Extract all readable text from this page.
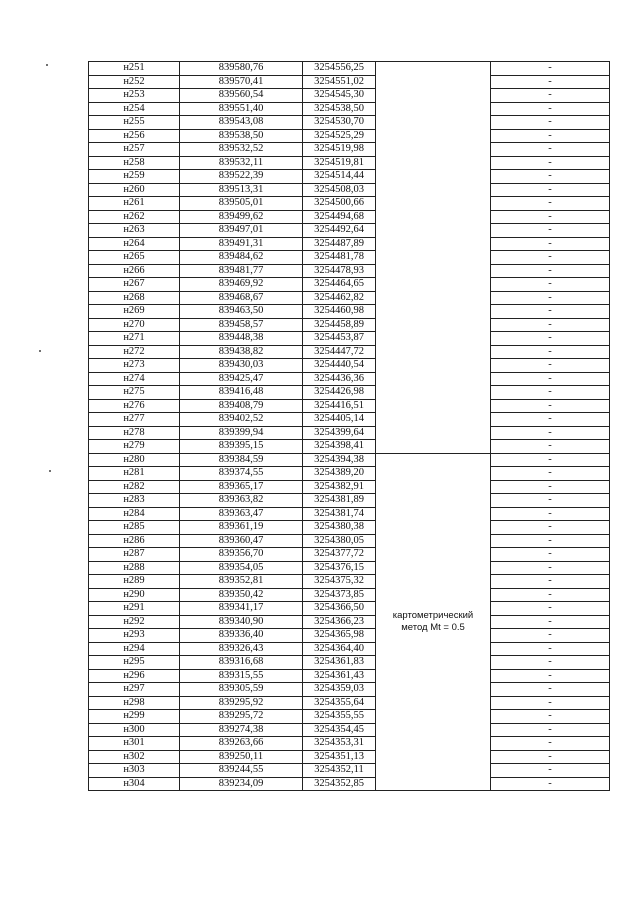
н251	839580,76	3254556,25		-
н252	839570,41	3254551,02		-
н253	839560,54	3254545,30		-
н254	839551,40	3254538,50		-
н255	839543,08	3254530,70		-
н256	839538,50	3254525,29		-
н257	839532,52	3254519,98		-
н258	839532,11	3254519,81		-
н259	839522,39	3254514,44		-
н260	839513,31	3254508,03		-
н261	839505,01	3254500,66		-
н262	839499,62	3254494,68		-
н263	839497,01	3254492,64		-
н264	839491,31	3254487,89		-
н265	839484,62	3254481,78		-
н266	839481,77	3254478,93		-
н267	839469,92	3254464,65		-
н268	839468,67	3254462,82		-
н269	839463,50	3254460,98		-
н270	839458,57	3254458,89		-
н271	839448,38	3254453,87		-
н272	839438,82	3254447,72		-
н273	839430,03	3254440,54		-
н274	839425,47	3254436,36		-
н275	839416,48	3254426,98		-
н276	839408,79	3254416,51		-
н277	839402,52	3254405,14		-
н278	839399,94	3254399,64		-
н279	839395,15	3254398,41		-
н280	839384,59	3254394,38	картометрический
метод Mt = 0.5	-
н281	839374,55	3254389,20		-
н282	839365,17	3254382,91		-
н283	839363,82	3254381,89		-
н284	839363,47	3254381,74		-
н285	839361,19	3254380,38		-
н286	839360,47	3254380,05		-
н287	839356,70	3254377,72		-
н288	839354,05	3254376,15		-
н289	839352,81	3254375,32		-
н290	839350,42	3254373,85		-
н291	839341,17	3254366,50		-
н292	839340,90	3254366,23		-
н293	839336,40	3254365,98		-
н294	839326,43	3254364,40		-
н295	839316,68	3254361,83		-
н296	839315,55	3254361,43		-
н297	839305,59	3254359,03		-
н298	839295,92	3254355,64		-
н299	839295,72	3254355,55		-
н300	839274,38	3254354,45		-
н301	839263,66	3254353,31		-
н302	839250,11	3254351,13		-
н303	839244,55	3254352,11		-
н304	839234,09	3254352,85		-
